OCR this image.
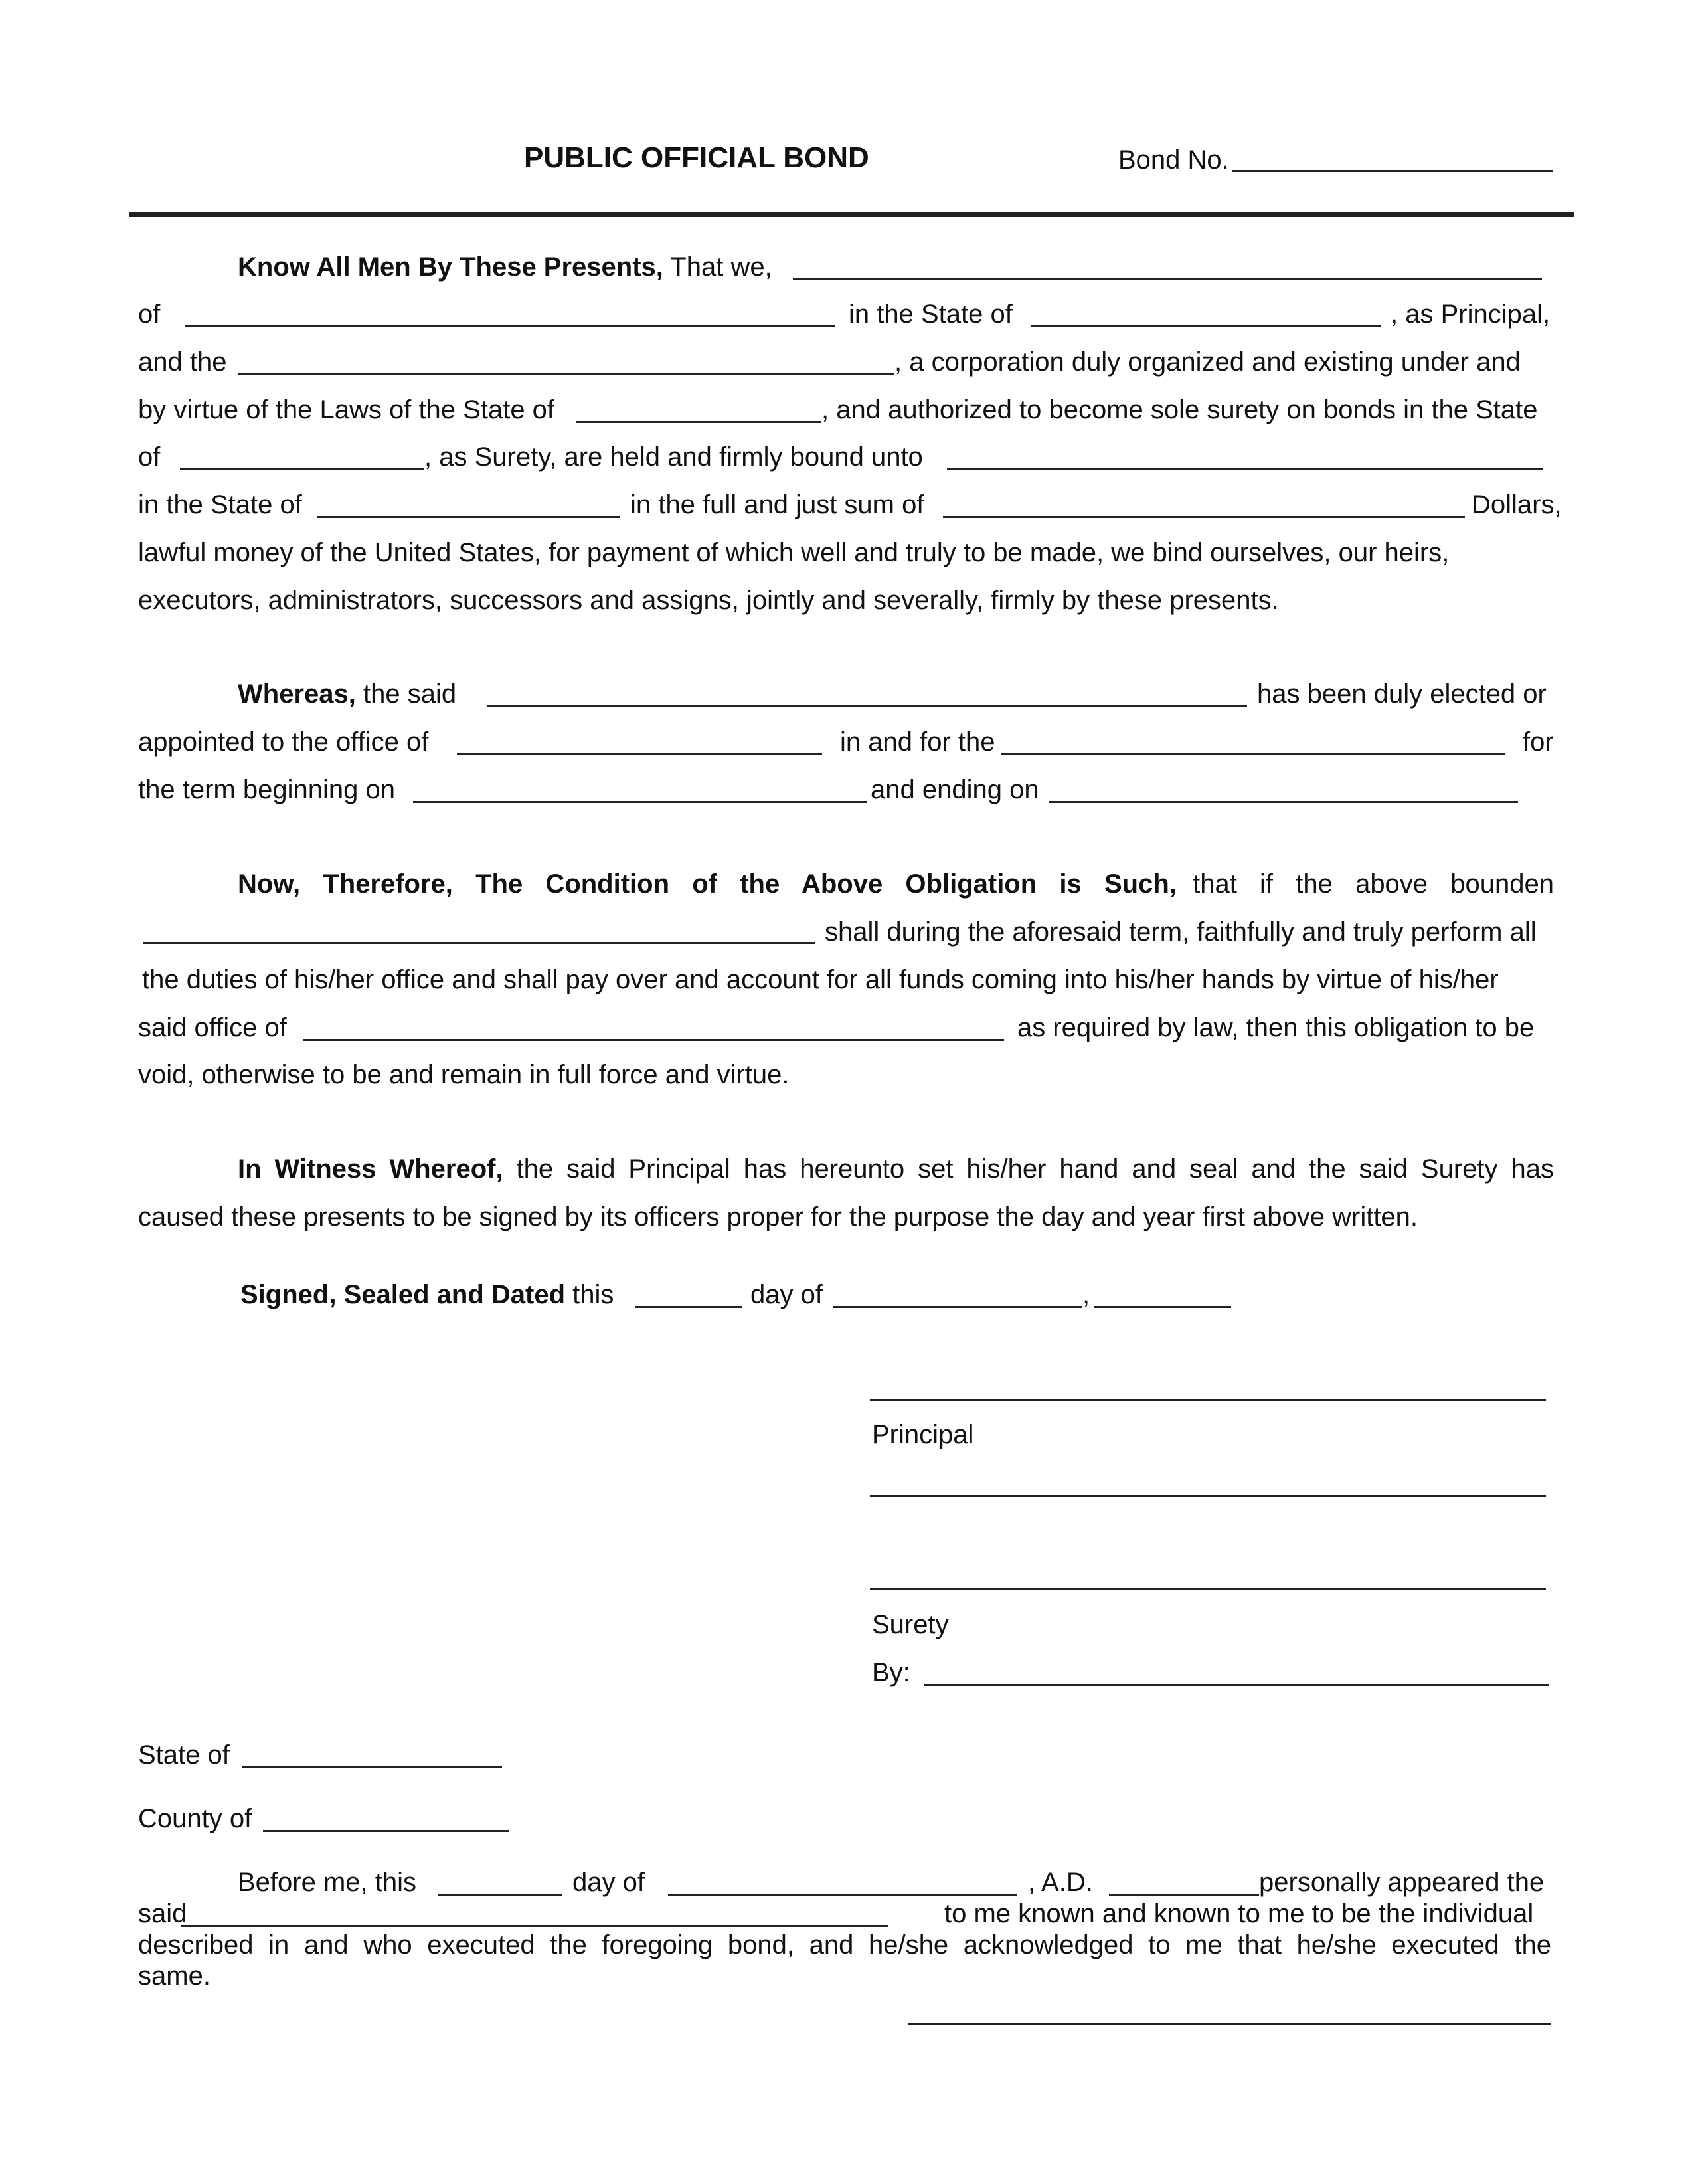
PUBLIC OFFICIAL BOND	Bond No.
Know All Men By These Presents, That we,
of	in the State of	, as Principal,
and the	, a corporation duly organized and existing under and
by virtue of the Laws of the State of	, and authorized to become sole surety on bonds in the State
of	, as Surety, are held and firmly bound unto
in the State of	in the full and just sum of	Dollars,
lawful money of the United States, for payment of which well and truly to be made, we bind ourselves, our heirs,
executors, administrators, successors and assigns, jointly and severally, firmly by these presents.
Whereas, the said	has been duly elected or
appointed to the office of	in and for the	for
the term beginning on	and ending on
Now, Therefore, The Condition of the Above Obligation is Such, that if the above bounden
shall during the aforesaid term, faithfully and truly perform all
the duties of his/her office and shall pay over and account for all funds coming into his/her hands by virtue of his/her
said office of	as required by law, then this obligation to be
void, otherwise to be and remain in full force and virtue.
In Witness Whereof, the said Principal has hereunto set his/her hand and seal and the said Surety has
caused these presents to be signed by its officers proper for the purpose the day and year first above written.
Signed, Sealed and Dated this	day of	,
Principal
Surety
By:
State of
County of
Before me, this	day of	, A.D.	personally appeared the
said	to me known and known to me to be the individual
described in and who executed the foregoing bond, and he/she acknowledged to me that he/she executed the
same.
